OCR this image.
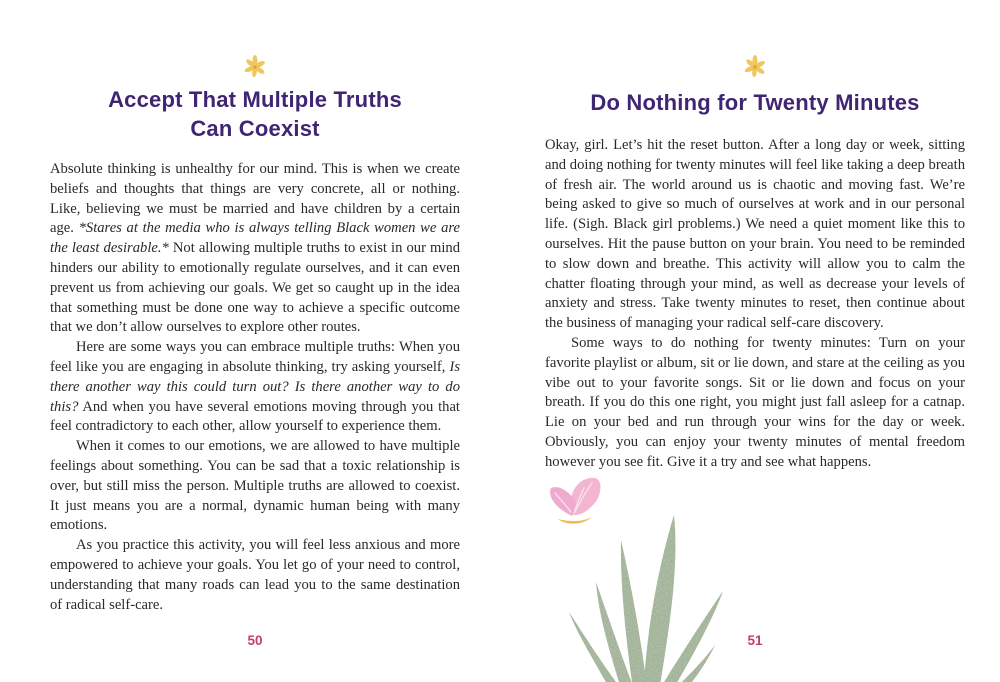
Accept That Multiple Truths
Can Coexist

Absolute thinking is unhealthy for our mind. This is when we create beliefs and thoughts that things are very concrete, all or nothing. Like, believing we must be married and have children by a certain age. *Stares at the media who is always telling Black women we are the least desirable.* Not allowing multiple truths to exist in our mind hinders our ability to emotionally regulate ourselves, and it can even prevent us from achieving our goals. We get so caught up in the idea that something must be done one way to achieve a specific outcome that we don’t allow ourselves to explore other routes.

Here are some ways you can embrace multiple truths: When you feel like you are engaging in absolute thinking, try asking yourself, Is there another way this could turn out? Is there another way to do this? And when you have several emotions moving through you that feel contradictory to each other, allow yourself to experience them.

When it comes to our emotions, we are allowed to have multiple feelings about something. You can be sad that a toxic relationship is over, but still miss the person. Multiple truths are allowed to coexist. It just means you are a normal, dynamic human being with many emotions.

As you practice this activity, you will feel less anxious and more empowered to achieve your goals. You let go of your need to control, understanding that many roads can lead you to the same destination of radical self-care.

50
Do Nothing for Twenty Minutes

Okay, girl. Let’s hit the reset button. After a long day or week, sitting and doing nothing for twenty minutes will feel like taking a deep breath of fresh air. The world around us is chaotic and moving fast. We’re being asked to give so much of ourselves at work and in our personal life. (Sigh. Black girl problems.) We need a quiet moment like this to ourselves. Hit the pause button on your brain. You need to be reminded to slow down and breathe. This activity will allow you to calm the chatter floating through your mind, as well as decrease your levels of anxiety and stress. Take twenty minutes to reset, then continue about the business of managing your radical self-care discovery.

Some ways to do nothing for twenty minutes: Turn on your favorite playlist or album, sit or lie down, and stare at the ceiling as you vibe out to your favorite songs. Sit or lie down and focus on your breath. If you do this one right, you might just fall asleep for a catnap. Lie on your bed and run through your wins for the day or week. Obviously, you can enjoy your twenty minutes of mental freedom however you see fit. Give it a try and see what happens.

51
